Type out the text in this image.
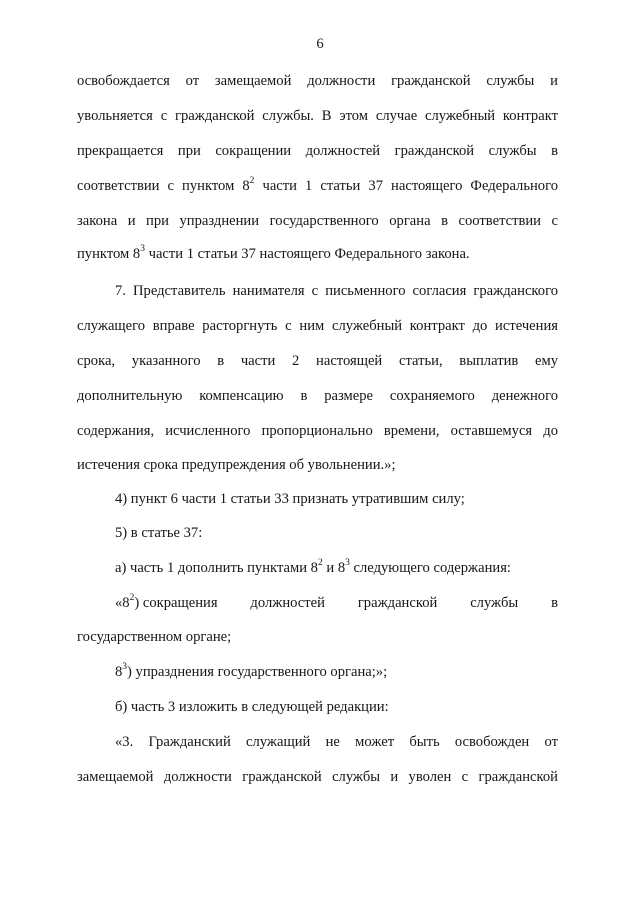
6
освобождается от замещаемой должности гражданской службы и
увольняется с гражданской службы. В этом случае служебный контракт
прекращается при сокращении должностей гражданской службы в
соответствии с пунктом $8^2$ части 1 статьи 37 настоящего Федерального
закона и при упразднении государственного органа в соответствии с
пунктом $8^3$ части 1 статьи 37 настоящего Федерального закона.
7. Представитель нанимателя с письменного согласия гражданского
служащего вправе расторгнуть с ним служебный контракт до истечения
срока, указанного в части 2 настоящей статьи, выплатив ему
дополнительную компенсацию в размере сохраняемого денежного
содержания, исчисленного пропорционально времени, оставшемуся до
истечения срока предупреждения об увольнении.»;
4) пункт 6 части 1 статьи 33 признать утратившим силу;
5) в статье 37:
а) часть 1 дополнить пунктами $8^2$ и $8^3$ следующего содержания:
«$8^2$) сокращения должностей гражданской службы в
государственном органе;
$8^3$) упразднения государственного органа;»;
б) часть 3 изложить в следующей редакции:
«3. Гражданский служащий не может быть освобожден от
замещаемой должности гражданской службы и уволен с гражданской
